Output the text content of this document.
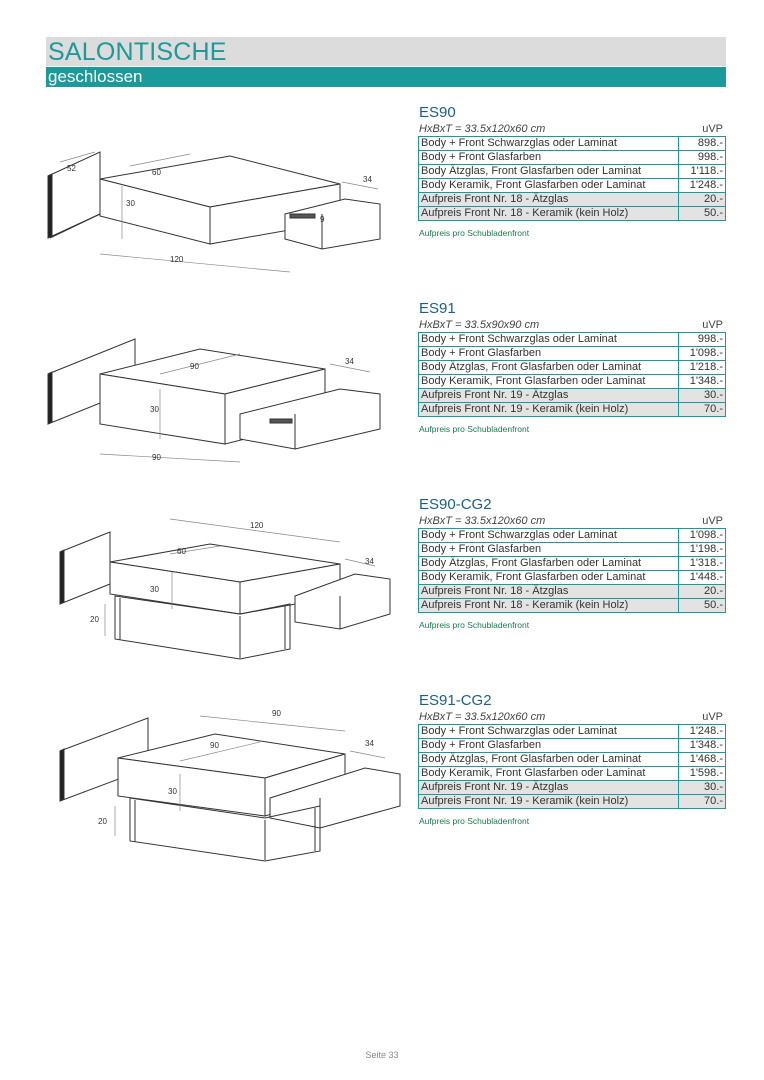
SALONTISCHE
geschlossen
52	60
34
30
9
120
ES90
HxBxT = 33.5x120x60 cm	uVP
Body + Front Schwarzglas oder Laminat	898.-
Body + Front Glasfarben	998.-
Body Ätzglas, Front Glasfarben oder Laminat	1'118.-
Body Keramik, Front Glasfarben oder Laminat	1'248.-
Aufpreis Front Nr. 18 - Ätzglas	20.-
Aufpreis Front Nr. 18 - Keramik (kein Holz)	50.-
Aufpreis pro Schubladenfront
90
34
30
90
ES91
HxBxT = 33.5x90x90 cm	uVP
Body + Front Schwarzglas oder Laminat	998.-
Body + Front Glasfarben	1'098.-
Body Ätzglas, Front Glasfarben oder Laminat	1'218.-
Body Keramik, Front Glasfarben oder Laminat	1'348.-
Aufpreis Front Nr. 19 - Ätzglas	30.-
Aufpreis Front Nr. 19 - Keramik (kein Holz)	70.-
Aufpreis pro Schubladenfront
120
60
34
30
20
ES90-CG2
HxBxT = 33.5x120x60 cm	uVP
Body + Front Schwarzglas oder Laminat	1'098.-
Body + Front Glasfarben	1'198.-
Body Ätzglas, Front Glasfarben oder Laminat	1'318.-
Body Keramik, Front Glasfarben oder Laminat	1'448.-
Aufpreis Front Nr. 18 - Ätzglas	20.-
Aufpreis Front Nr. 18 - Keramik (kein Holz)	50.-
Aufpreis pro Schubladenfront
90
90	34
30
20
ES91-CG2
HxBxT = 33.5x120x60 cm	uVP
Body + Front Schwarzglas oder Laminat	1'248.-
Body + Front Glasfarben	1'348.-
Body Ätzglas, Front Glasfarben oder Laminat	1'468.-
Body Keramik, Front Glasfarben oder Laminat	1'598.-
Aufpreis Front Nr. 19 - Ätzglas	30.-
Aufpreis Front Nr. 19 - Keramik (kein Holz)	70.-
Aufpreis pro Schubladenfront
Seite 33
